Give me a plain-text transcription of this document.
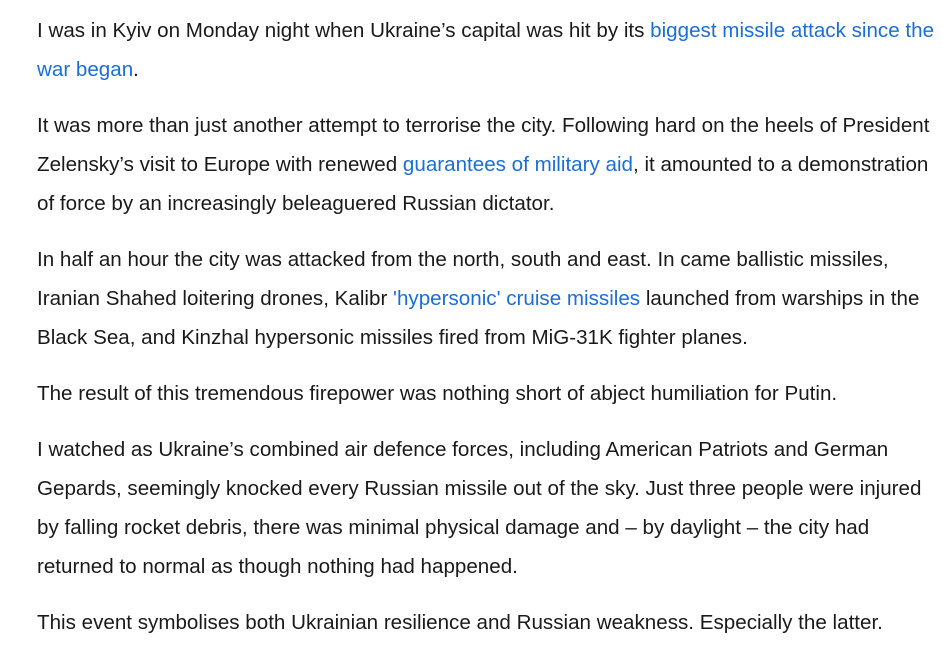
I was in Kyiv on Monday night when Ukraine’s capital was hit by its biggest missile attack since the war began.

It was more than just another attempt to terrorise the city. Following hard on the heels of President Zelensky’s visit to Europe with renewed guarantees of military aid, it amounted to a demonstration of force by an increasingly beleaguered Russian dictator.

In half an hour the city was attacked from the north, south and east. In came ballistic missiles, Iranian Shahed loitering drones, Kalibr 'hypersonic' cruise missiles launched from warships in the Black Sea, and Kinzhal hypersonic missiles fired from MiG-31K fighter planes.

The result of this tremendous firepower was nothing short of abject humiliation for Putin.

I watched as Ukraine’s combined air defence forces, including American Patriots and German Gepards, seemingly knocked every Russian missile out of the sky. Just three people were injured by falling rocket debris, there was minimal physical damage and – by daylight – the city had returned to normal as though nothing had happened.

This event symbolises both Ukrainian resilience and Russian weakness. Especially the latter.
